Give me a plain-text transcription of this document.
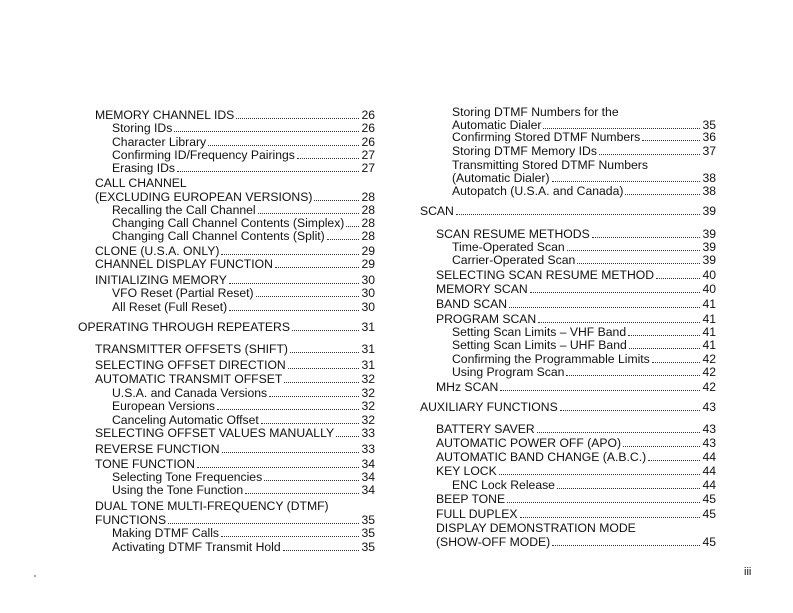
MEMORY CHANNEL IDS	26
Storing IDs	26
Character Library	26
Confirming ID/Frequency Pairings	27
Erasing IDs	27
CALL CHANNEL
(EXCLUDING EUROPEAN VERSIONS)	28
Recalling the Call Channel	28
Changing Call Channel Contents (Simplex) 28
Changing Call Channel Contents (Split)	28
CLONE (U.S.A. ONLY)	29
CHANNEL DISPLAY FUNCTION	29
INITIALIZING MEMORY	30
VFO Reset (Partial Reset)	30
All Reset (Full Reset)	30
OPERATING THROUGH REPEATERS	31
TRANSMITTER OFFSETS (SHIFT)	31
SELECTING OFFSET DIRECTION	31
AUTOMATIC TRANSMIT OFFSET	32
U.S.A. and Canada Versions	32
European Versions	32
Canceling Automatic Offset	32
SELECTING OFFSET VALUES MANUALLY 33
REVERSE FUNCTION	33
TONE FUNCTION	34
Selecting Tone Frequencies	34
Using the Tone Function	34
DUAL TONE MULTI-FREQUENCY (DTMF)
FUNCTIONS	35
Making DTMF Calls	35
Activating DTMF Transmit Hold	35
Storing DTMF Numbers for the
Automatic Dialer	35
Confirming Stored DTMF Numbers	36
Storing DTMF Memory IDs	37
Transmitting Stored DTMF Numbers
(Automatic Dialer)	38
Autopatch (U.S.A. and Canada)	38
SCAN	39
SCAN RESUME METHODS	39
Time-Operated Scan	39
Carrier-Operated Scan	39
SELECTING SCAN RESUME METHOD	40
MEMORY SCAN	40
BAND SCAN	41
PROGRAM SCAN	41
Setting Scan Limits – VHF Band	41
Setting Scan Limits – UHF Band	41
Confirming the Programmable Limits	42
Using Program Scan	42
MHz SCAN	42
AUXILIARY FUNCTIONS	43
BATTERY SAVER	43
AUTOMATIC POWER OFF (APO)	43
AUTOMATIC BAND CHANGE (A.B.C.)	44
KEY LOCK	44
ENC Lock Release	44
BEEP TONE	45
FULL DUPLEX	45
DISPLAY DEMONSTRATION MODE
(SHOW-OFF MODE)	45
iii
